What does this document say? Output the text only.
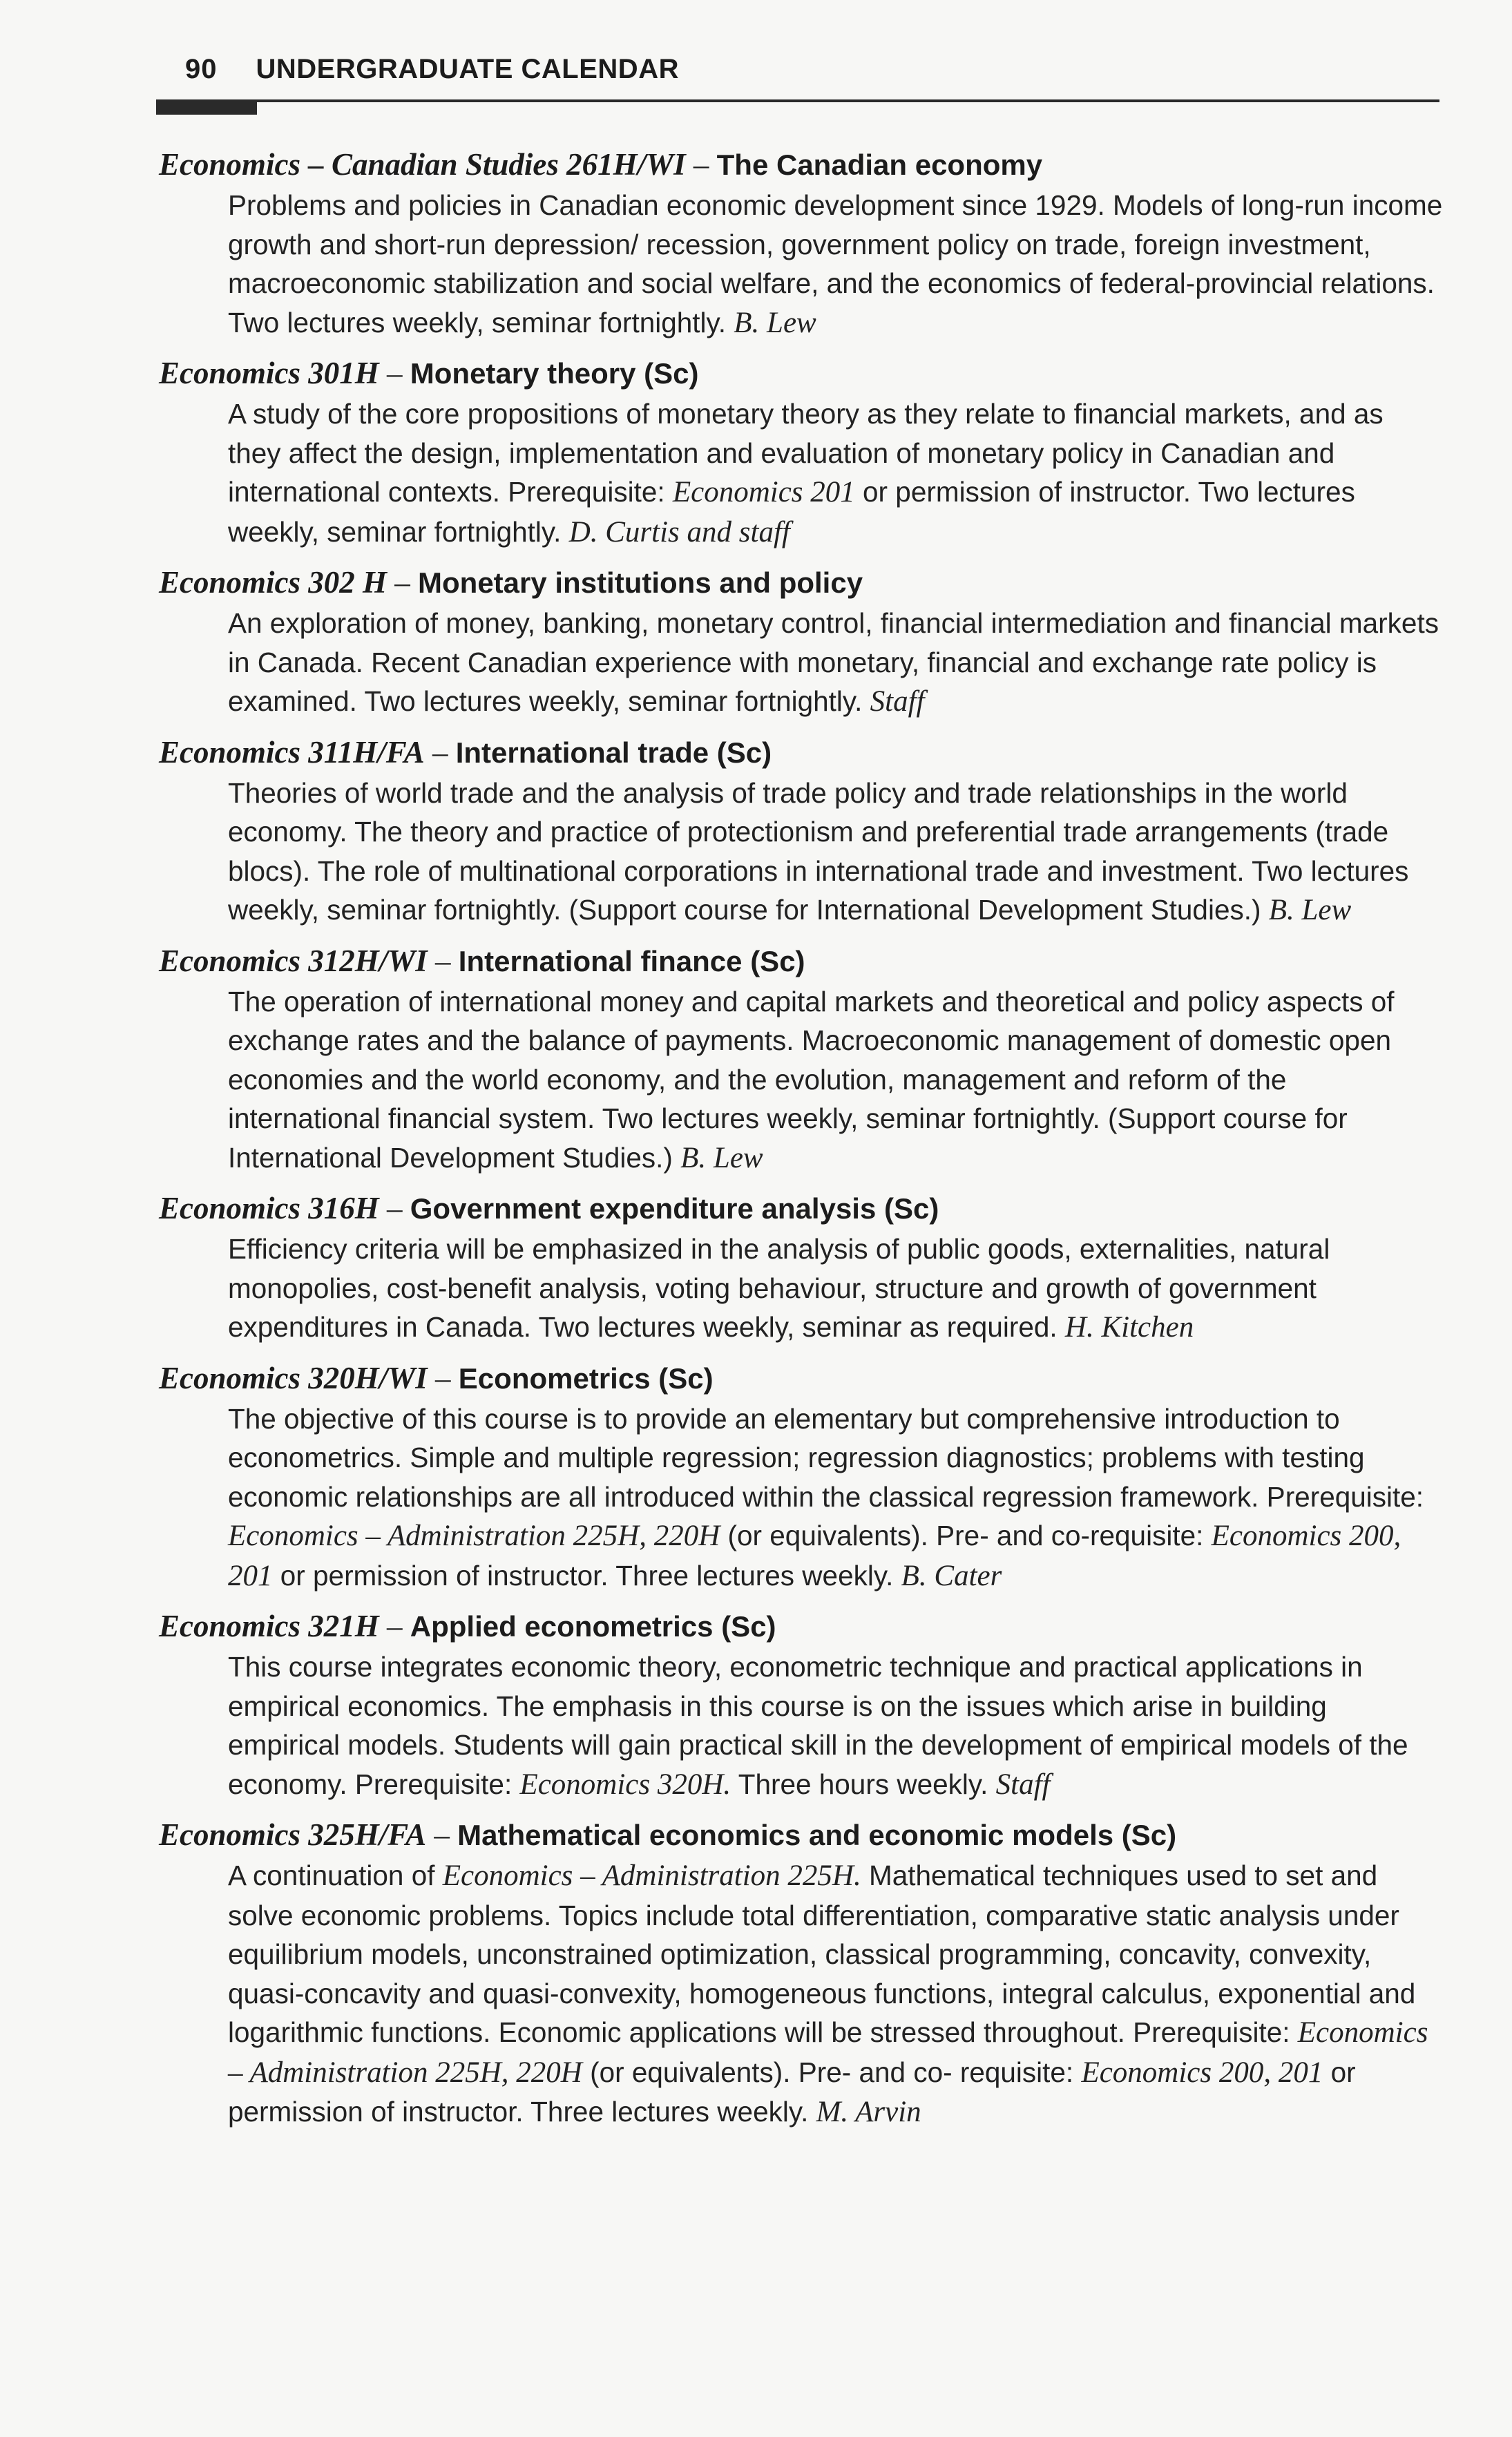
90 UNDERGRADUATE CALENDAR
Economics – Canadian Studies 261H/WI – The Canadian economy
Problems and policies in Canadian economic development since 1929. Models of long-run income growth and short-run depression/ recession, government policy on trade, foreign investment, macroeconomic stabilization and social welfare, and the economics of federal-provincial relations. Two lectures weekly, seminar fortnightly. B. Lew
Economics 301H – Monetary theory (Sc)
A study of the core propositions of monetary theory as they relate to financial markets, and as they affect the design, implementation and evaluation of monetary policy in Canadian and international contexts. Prerequisite: Economics 201 or permission of instructor. Two lectures weekly, seminar fortnightly. D. Curtis and staff
Economics 302 H – Monetary institutions and policy
An exploration of money, banking, monetary control, financial intermediation and financial markets in Canada. Recent Canadian experience with monetary, financial and exchange rate policy is examined. Two lectures weekly, seminar fortnightly. Staff
Economics 311H/FA – International trade (Sc)
Theories of world trade and the analysis of trade policy and trade relationships in the world economy. The theory and practice of protectionism and preferential trade arrangements (trade blocs). The role of multinational corporations in international trade and investment. Two lectures weekly, seminar fortnightly. (Support course for International Development Studies.) B. Lew
Economics 312H/WI – International finance (Sc)
The operation of international money and capital markets and theoretical and policy aspects of exchange rates and the balance of payments. Macroeconomic management of domestic open economies and the world economy, and the evolution, management and reform of the international financial system. Two lectures weekly, seminar fortnightly. (Support course for International Development Studies.) B. Lew
Economics 316H – Government expenditure analysis (Sc)
Efficiency criteria will be emphasized in the analysis of public goods, externalities, natural monopolies, cost-benefit analysis, voting behaviour, structure and growth of government expenditures in Canada. Two lectures weekly, seminar as required. H. Kitchen
Economics 320H/WI – Econometrics (Sc)
The objective of this course is to provide an elementary but comprehensive introduction to econometrics. Simple and multiple regression; regression diagnostics; problems with testing economic relationships are all introduced within the classical regression framework. Prerequisite: Economics – Administration 225H, 220H (or equivalents). Pre- and co-requisite: Economics 200, 201 or permission of instructor. Three lectures weekly. B. Cater
Economics 321H – Applied econometrics (Sc)
This course integrates economic theory, econometric technique and practical applications in empirical economics. The emphasis in this course is on the issues which arise in building empirical models. Students will gain practical skill in the development of empirical models of the economy. Prerequisite: Economics 320H. Three hours weekly. Staff
Economics 325H/FA – Mathematical economics and economic models (Sc)
A continuation of Economics – Administration 225H. Mathematical techniques used to set and solve economic problems. Topics include total differentiation, comparative static analysis under equilibrium models, unconstrained optimization, classical programming, concavity, convexity, quasi-concavity and quasi-convexity, homogeneous functions, integral calculus, exponential and logarithmic functions. Economic applications will be stressed throughout. Prerequisite: Economics – Administration 225H, 220H (or equivalents). Pre- and co- requisite: Economics 200, 201 or permission of instructor. Three lectures weekly. M. Arvin
